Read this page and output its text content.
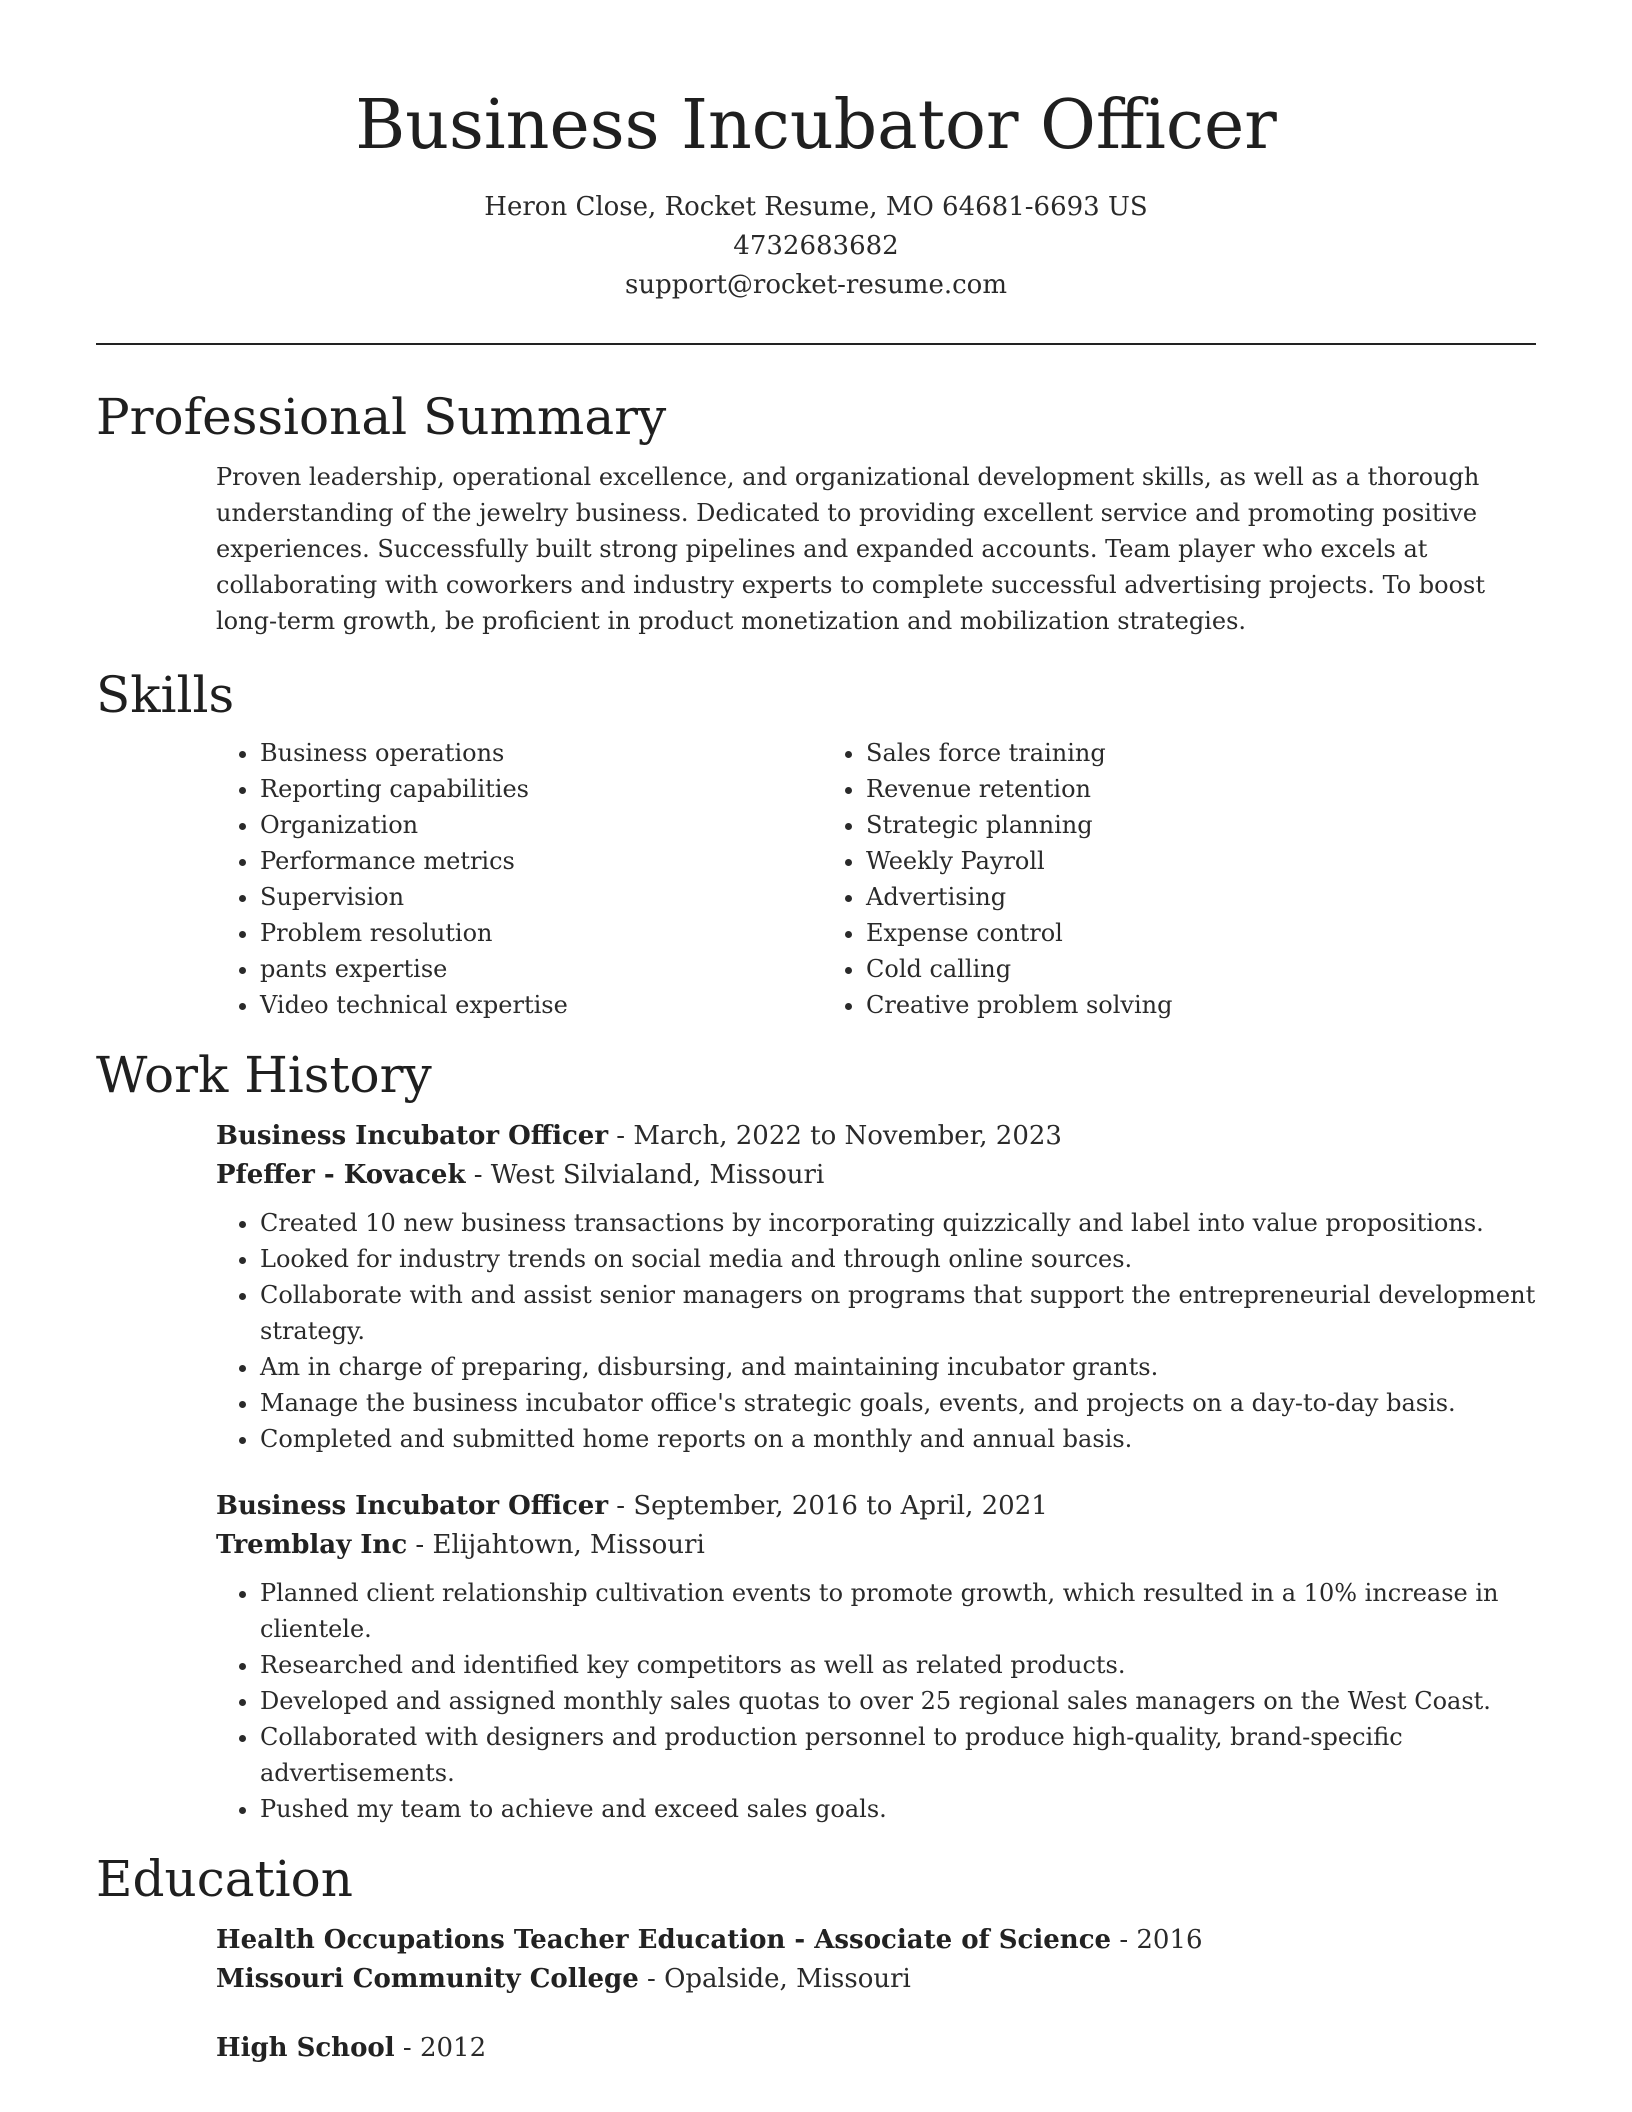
Business Incubator Officer
Heron Close, Rocket Resume, MO 64681-6693 US
4732683682
support@rocket-resume.com
Professional Summary
Proven leadership, operational excellence, and organizational development skills, as well as a thorough understanding of the jewelry business. Dedicated to providing excellent service and promoting positive experiences. Successfully built strong pipelines and expanded accounts. Team player who excels at collaborating with coworkers and industry experts to complete successful advertising projects. To boost long-term growth, be proficient in product monetization and mobilization strategies.
Skills
• Business operations
• Reporting capabilities
• Organization
• Performance metrics
• Supervision
• Problem resolution
• pants expertise
• Video technical expertise
• Sales force training
• Revenue retention
• Strategic planning
• Weekly Payroll
• Advertising
• Expense control
• Cold calling
• Creative problem solving
Work History
Business Incubator Officer - March, 2022 to November, 2023
Pfeffer - Kovacek - West Silvialand, Missouri
• Created 10 new business transactions by incorporating quizzically and label into value propositions.
• Looked for industry trends on social media and through online sources.
• Collaborate with and assist senior managers on programs that support the entrepreneurial development strategy.
• Am in charge of preparing, disbursing, and maintaining incubator grants.
• Manage the business incubator office's strategic goals, events, and projects on a day-to-day basis.
• Completed and submitted home reports on a monthly and annual basis.
Business Incubator Officer - September, 2016 to April, 2021
Tremblay Inc - Elijahtown, Missouri
• Planned client relationship cultivation events to promote growth, which resulted in a 10% increase in clientele.
• Researched and identified key competitors as well as related products.
• Developed and assigned monthly sales quotas to over 25 regional sales managers on the West Coast.
• Collaborated with designers and production personnel to produce high-quality, brand-specific advertisements.
• Pushed my team to achieve and exceed sales goals.
Education
Health Occupations Teacher Education - Associate of Science - 2016
Missouri Community College - Opalside, Missouri
High School - 2012
